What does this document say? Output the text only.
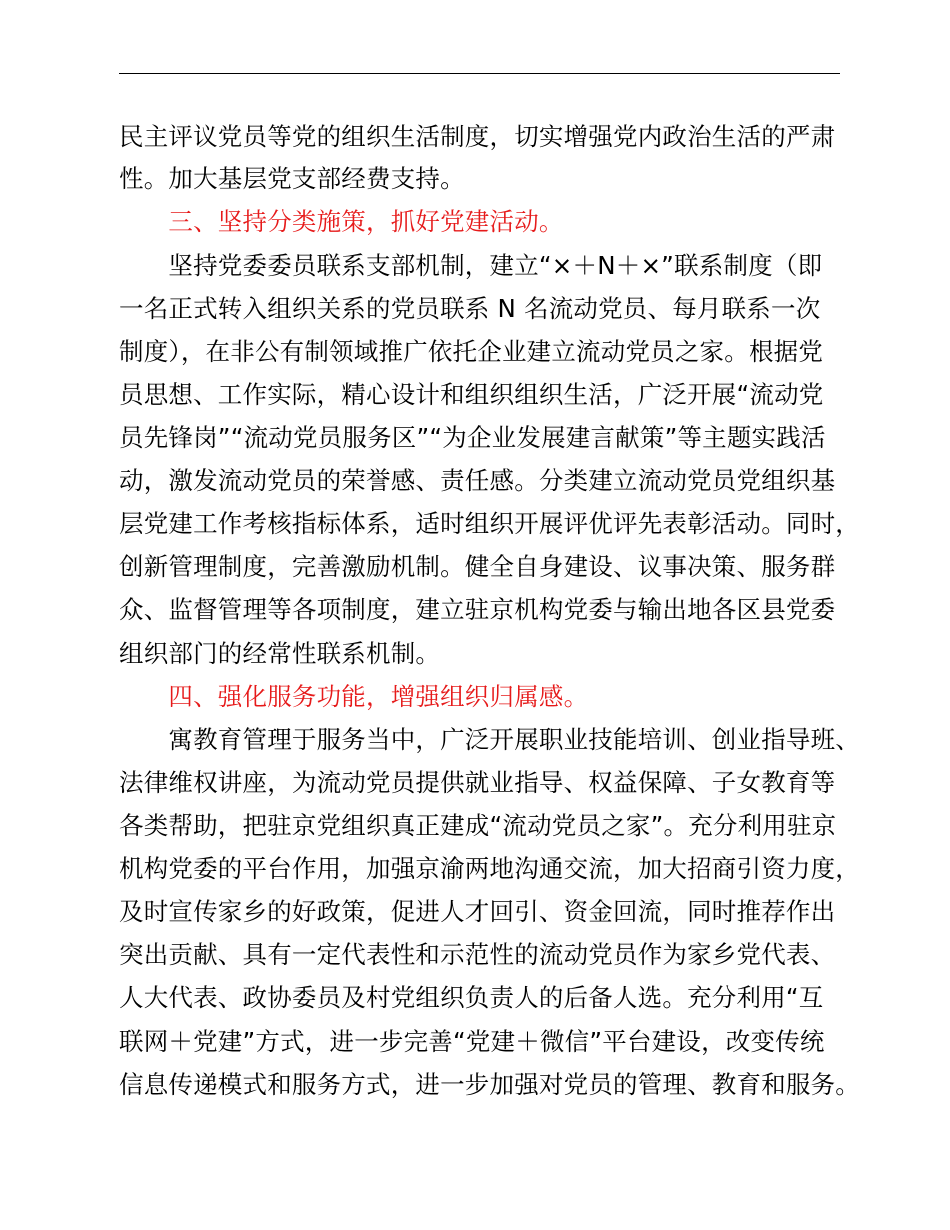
民主评议党员等党的组织生活制度，切实增强党内政治生活的严肃
性。加大基层党支部经费支持。
　　三、坚持分类施策，抓好党建活动。
　　坚持党委委员联系支部机制，建立“×＋N＋×”联系制度（即
一名正式转入组织关系的党员联系 N 名流动党员、每月联系一次
制度），在非公有制领域推广依托企业建立流动党员之家。根据党
员思想、工作实际，精心设计和组织组织生活，广泛开展“流动党
员先锋岗”“流动党员服务区”“为企业发展建言献策”等主题实践活
动，激发流动党员的荣誉感、责任感。分类建立流动党员党组织基
层党建工作考核指标体系，适时组织开展评优评先表彰活动。同时，
创新管理制度，完善激励机制。健全自身建设、议事决策、服务群
众、监督管理等各项制度，建立驻京机构党委与输出地各区县党委
组织部门的经常性联系机制。
　　四、强化服务功能，增强组织归属感。
　　寓教育管理于服务当中，广泛开展职业技能培训、创业指导班、
法律维权讲座，为流动党员提供就业指导、权益保障、子女教育等
各类帮助，把驻京党组织真正建成“流动党员之家”。充分利用驻京
机构党委的平台作用，加强京渝两地沟通交流，加大招商引资力度，
及时宣传家乡的好政策，促进人才回引、资金回流，同时推荐作出
突出贡献、具有一定代表性和示范性的流动党员作为家乡党代表、
人大代表、政协委员及村党组织负责人的后备人选。充分利用“互
联网＋党建”方式，进一步完善“党建＋微信”平台建设，改变传统
信息传递模式和服务方式，进一步加强对党员的管理、教育和服务。
